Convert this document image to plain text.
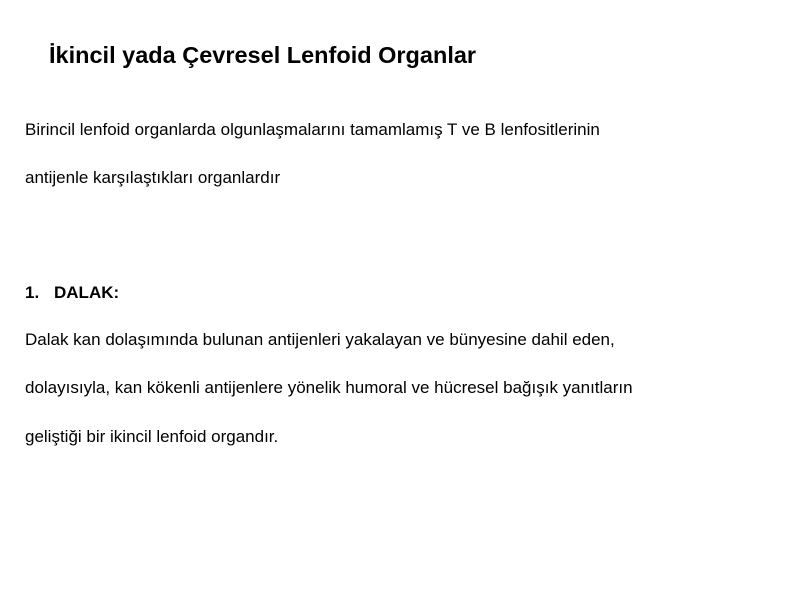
İkincil yada Çevresel Lenfoid Organlar
Birincil lenfoid organlarda olgunlaşmalarını tamamlamış T ve B lenfositlerinin
antijenle karşılaştıkları organlardır
1. DALAK:
Dalak kan dolaşımında bulunan antijenleri yakalayan ve bünyesine dahil eden,
dolayısıyla, kan kökenli antijenlere yönelik humoral ve hücresel bağışık yanıtların
geliştiği bir ikincil lenfoid organdır.
